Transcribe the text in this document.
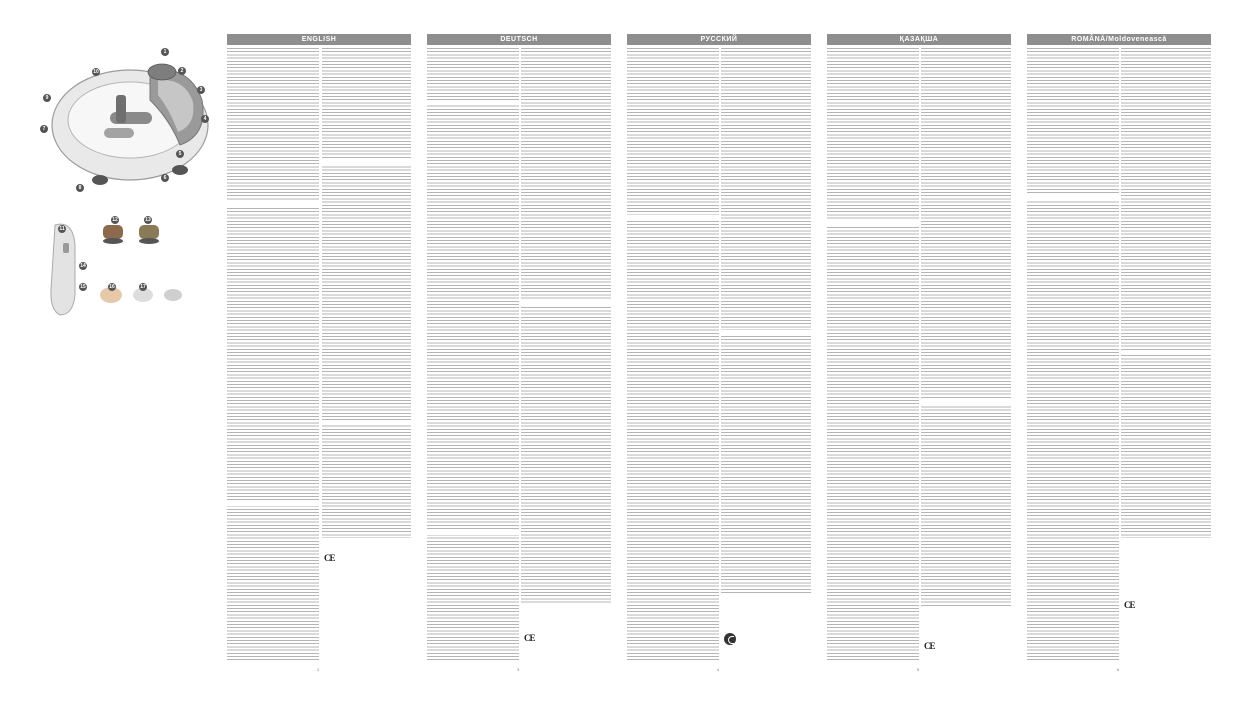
1
2
3
4
5
6
7
8
9
10
11
12	13
14
15	16	17
ENGLISH	DEUTSCH	РУССКИЙ	ҚАЗАҚША	ROMÂNĂ/Moldovenească
CE
CE
CE
CE
2	3	4	5	6
